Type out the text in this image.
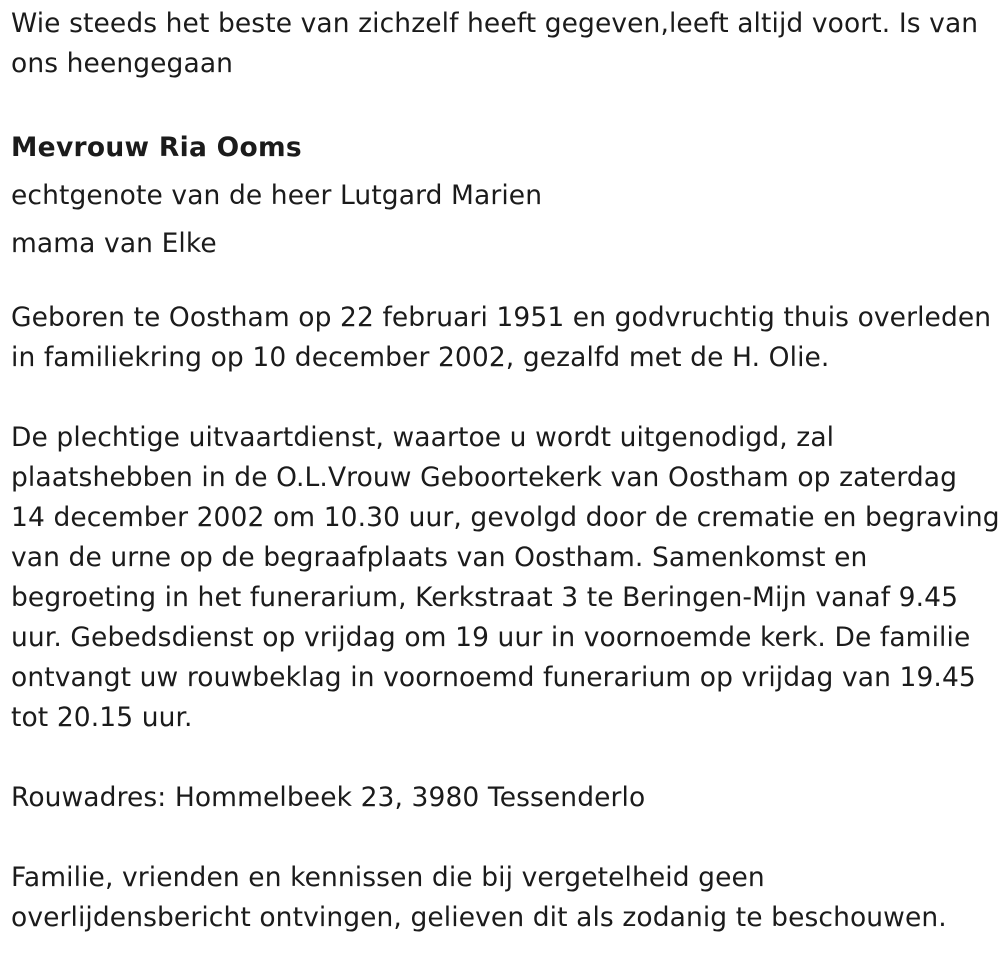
Wie steeds het beste van zichzelf heeft gegeven,leeft altijd voort. Is van

ons heengegaan

Mevrouw Ria Ooms

echtgenote van de heer Lutgard Marien

mama van Elke

Geboren te Oostham op 22 februari 1951 en godvruchtig thuis overleden

in familiekring op 10 december 2002, gezalfd met de H. Olie.

De plechtige uitvaartdienst, waartoe u wordt uitgenodigd, zal

plaatshebben in de O.L.Vrouw Geboortekerk van Oostham op zaterdag

14 december 2002 om 10.30 uur, gevolgd door de crematie en begraving

van de urne op de begraafplaats van Oostham. Samenkomst en

begroeting in het funerarium, Kerkstraat 3 te Beringen-Mijn vanaf 9.45

uur. Gebedsdienst op vrijdag om 19 uur in voornoemde kerk. De familie

ontvangt uw rouwbeklag in voornoemd funerarium op vrijdag van 19.45

tot 20.15 uur.

Rouwadres: Hommelbeek 23, 3980 Tessenderlo

Familie, vrienden en kennissen die bij vergetelheid geen

overlijdensbericht ontvingen, gelieven dit als zodanig te beschouwen.
